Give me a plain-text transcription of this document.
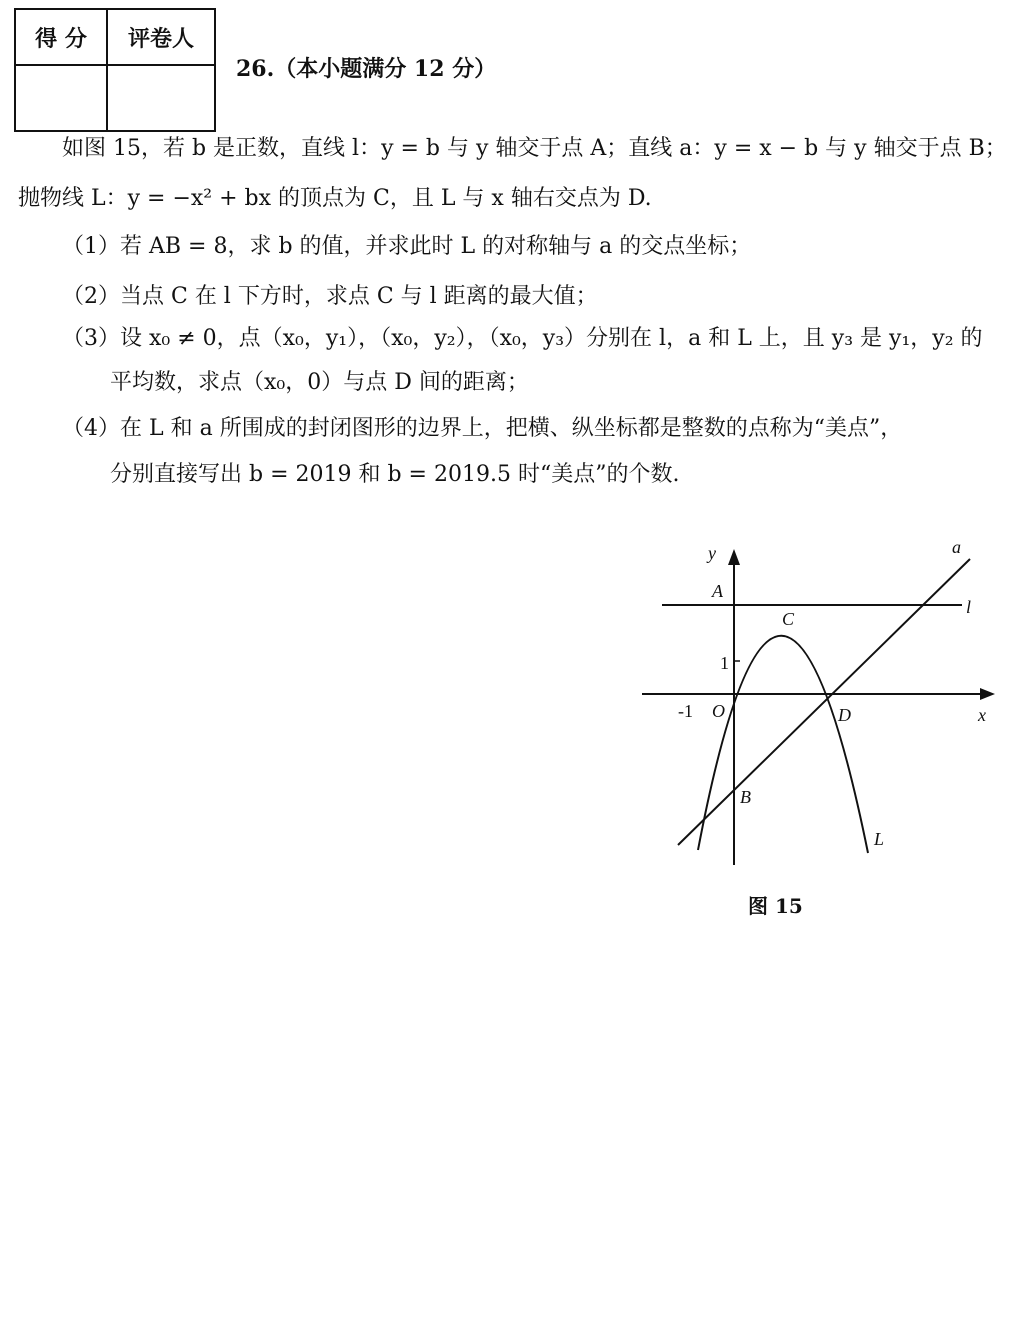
得 分	评卷人
26.（本小题满分 12 分）
如图 15，若 b 是正数，直线 l：y = b 与 y 轴交于点 A；直线 a：y = x − b 与 y 轴交于点 B；
抛物线 L：y = −x² + bx 的顶点为 C，且 L 与 x 轴右交点为 D.
（1）若 AB = 8，求 b 的值，并求此时 L 的对称轴与 a 的交点坐标；
（2）当点 C 在 l 下方时，求点 C 与 l 距离的最大值；
（3）设 x₀ ≠ 0，点（x₀，y₁），（x₀，y₂），（x₀，y₃）分别在 l，a 和 L 上，且 y₃ 是 y₁，y₂ 的
平均数，求点（x₀，0）与点 D 间的距离；
（4）在 L 和 a 所围成的封闭图形的边界上，把横、纵坐标都是整数的点称为“美点”，
分别直接写出 b = 2019 和 b = 2019.5 时“美点”的个数.
y
x
A
C
D
B
O
a
l
L
1
-1
图 15
